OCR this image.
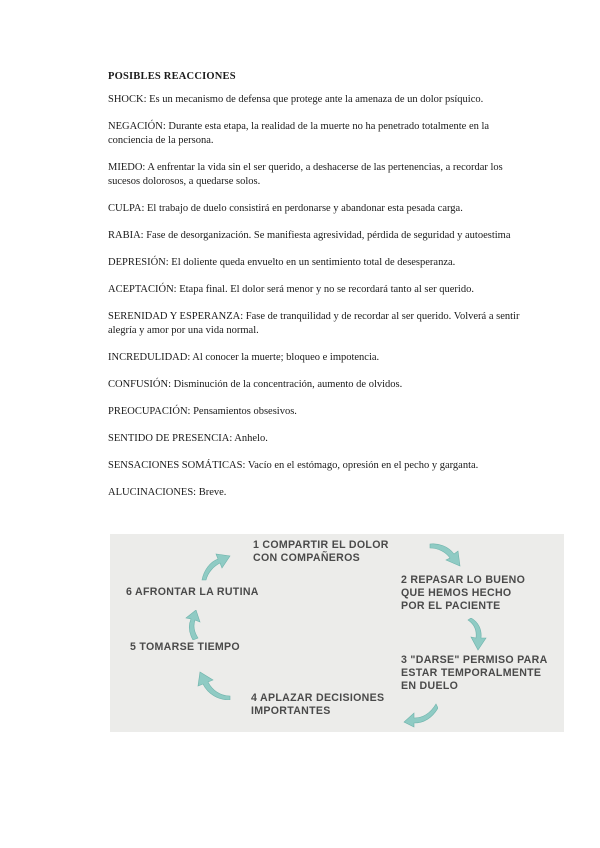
POSIBLES REACCIONES

SHOCK: Es un mecanismo de defensa que protege ante la amenaza de un dolor psíquico.

NEGACIÓN: Durante esta etapa, la realidad de la muerte no ha penetrado totalmente en la conciencia de la persona.

MIEDO: A enfrentar la vida sin el ser querido, a deshacerse de las pertenencias, a recordar los sucesos dolorosos, a quedarse solos.

CULPA: El trabajo de duelo consistirá en perdonarse y abandonar esta pesada carga.

RABIA: Fase de desorganización. Se manifiesta agresividad, pérdida de seguridad y autoestima

DEPRESIÓN: El doliente queda envuelto en un sentimiento total de desesperanza.

ACEPTACIÓN: Etapa final. El dolor será menor y no se recordará tanto al ser querido.

SERENIDAD Y ESPERANZA: Fase de tranquilidad y de recordar al ser querido. Volverá a sentir alegría y amor por una vida normal.

INCREDULIDAD: Al conocer la muerte; bloqueo e impotencia.

CONFUSIÓN: Disminución de la concentración, aumento de olvidos.

PREOCUPACIÓN: Pensamientos obsesivos.

SENTIDO DE PRESENCIA: Anhelo.

SENSACIONES SOMÁTICAS: Vacío en el estómago, opresión en el pecho y garganta.

ALUCINACIONES: Breve.

1 COMPARTIR EL DOLOR
CON COMPAÑEROS
2 REPASAR LO BUENO
QUE HEMOS HECHO
POR EL PACIENTE
3 "DARSE" PERMISO PARA
ESTAR TEMPORALMENTE
EN DUELO
4 APLAZAR DECISIONES
IMPORTANTES
5 TOMARSE TIEMPO
6 AFRONTAR LA RUTINA
